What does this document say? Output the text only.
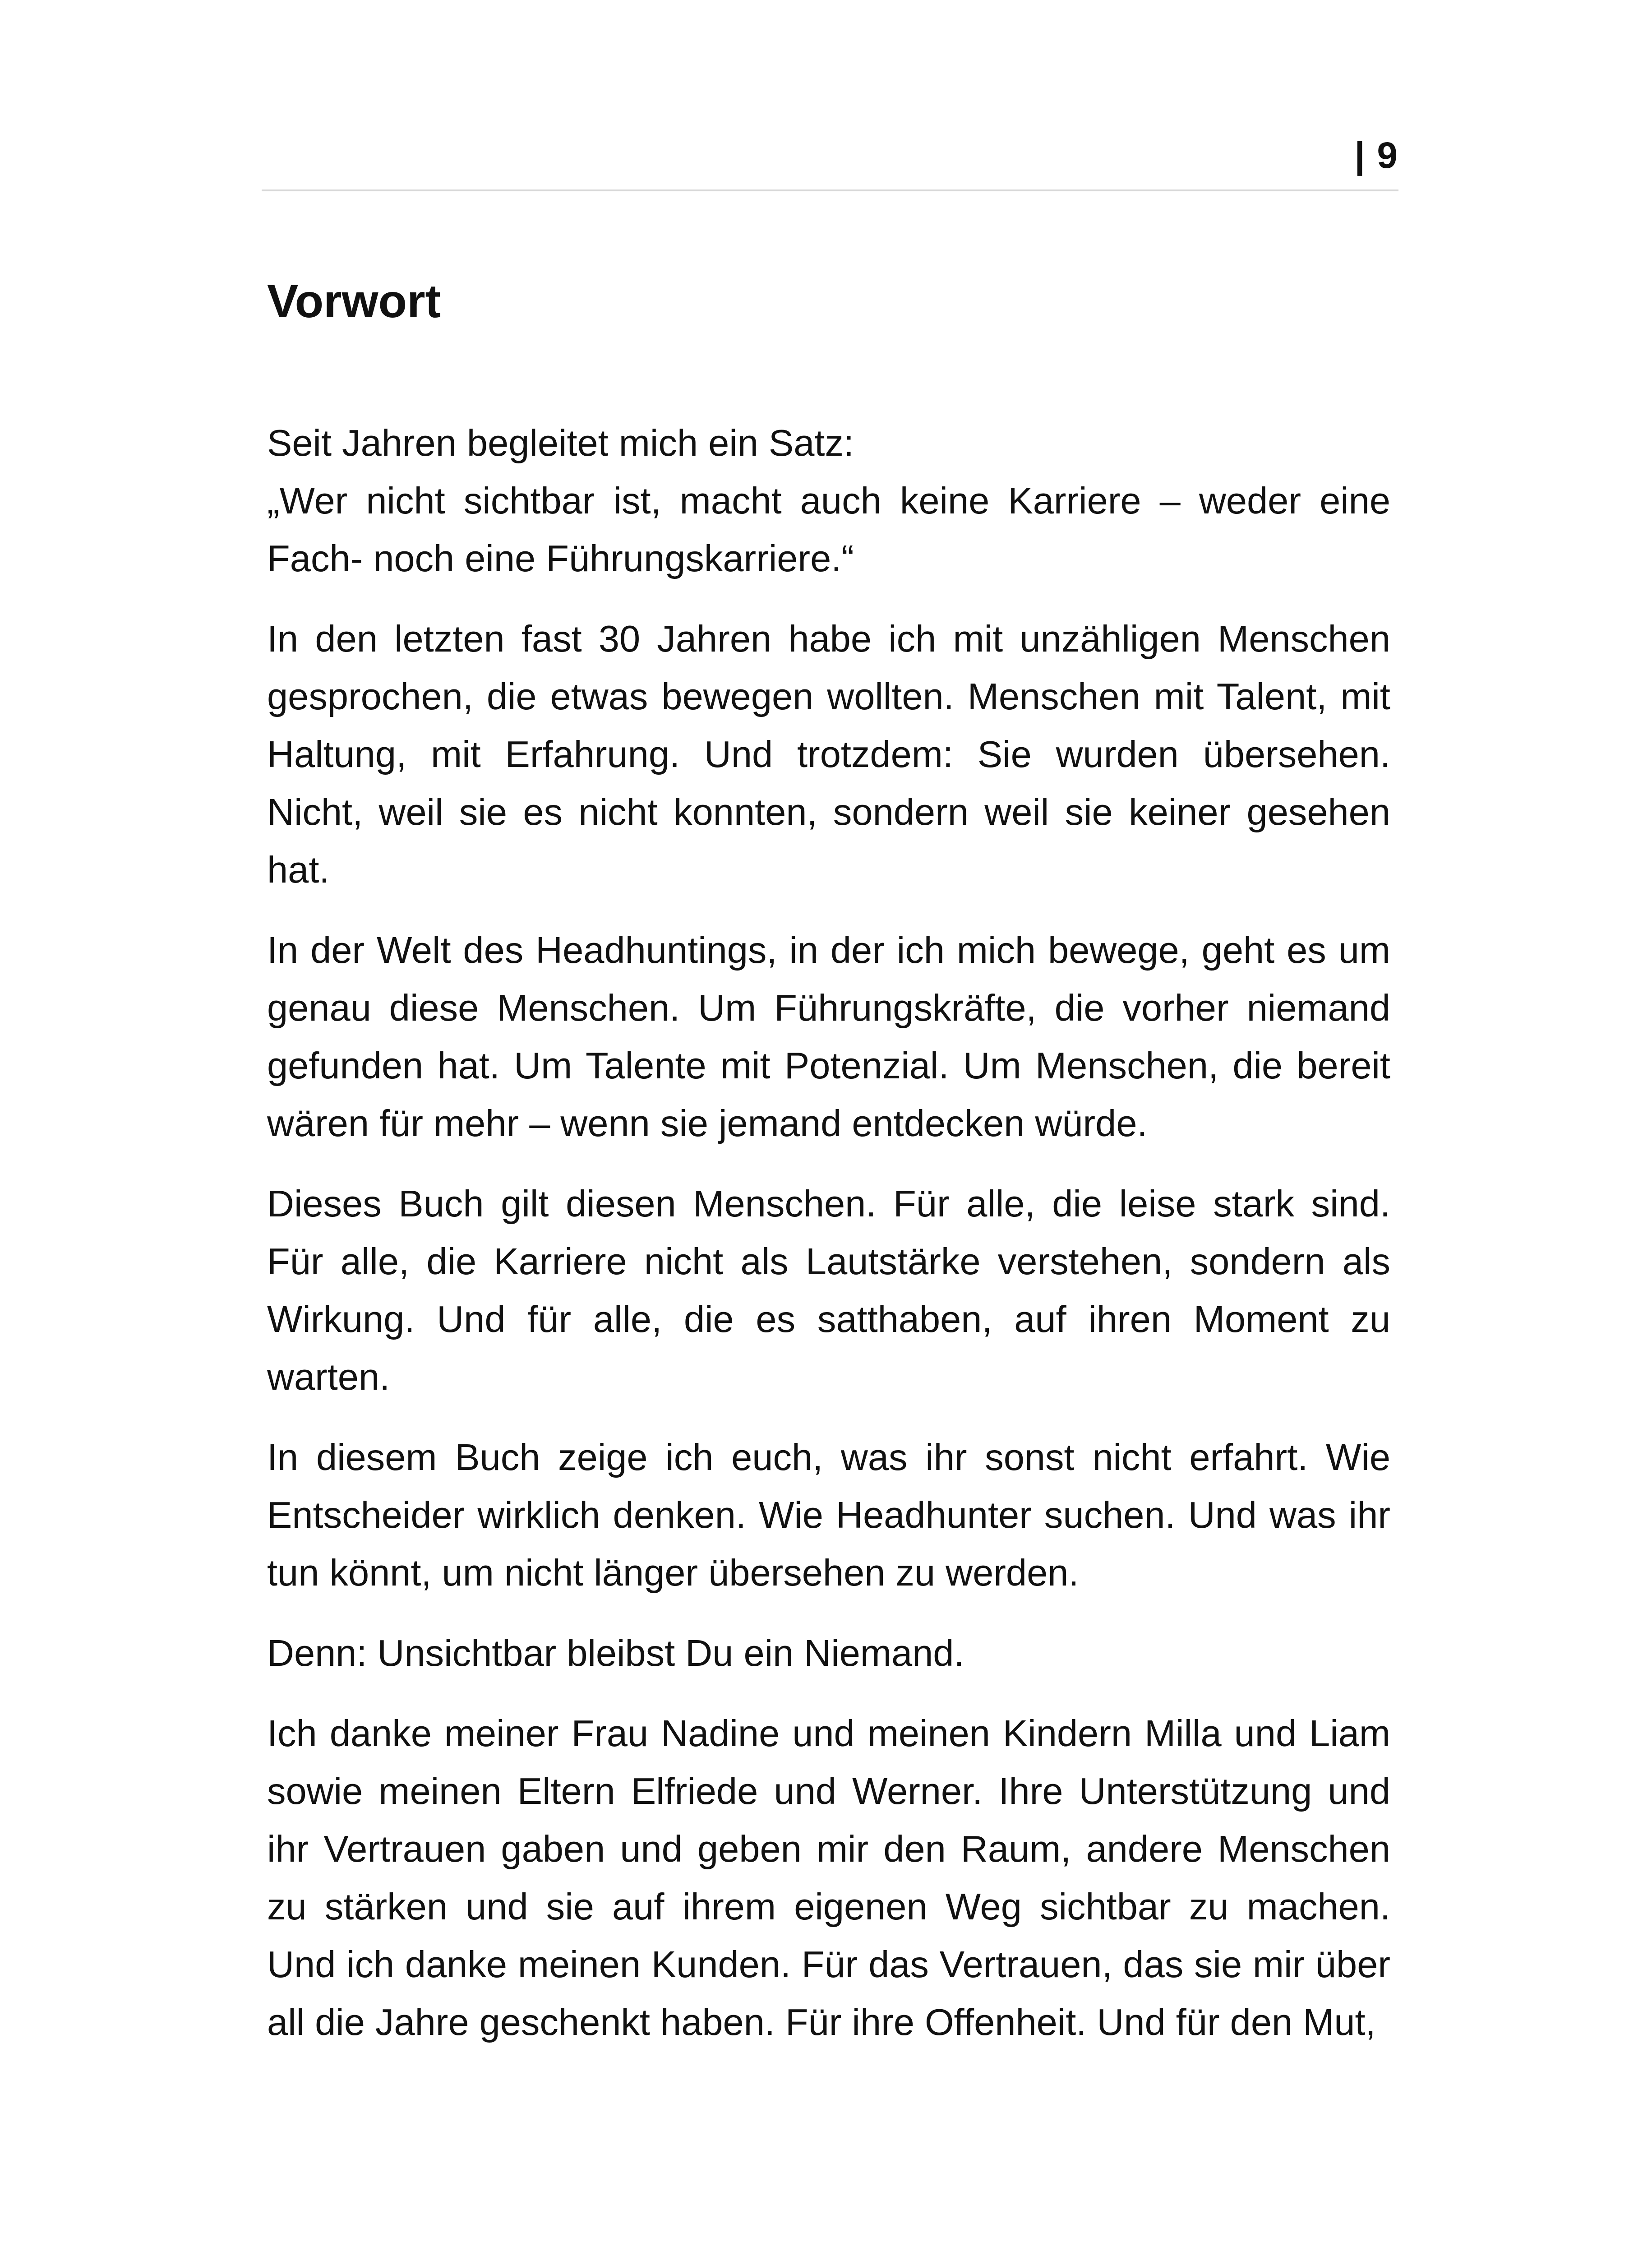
| 9
Vorwort

Seit Jahren begleitet mich ein Satz:
„Wer nicht sichtbar ist, macht auch keine Karriere – weder eine Fach- noch eine Führungskarriere.“

In den letzten fast 30 Jahren habe ich mit unzähligen Menschen gesprochen, die etwas bewegen wollten. Menschen mit Talent, mit Haltung, mit Erfahrung. Und trotzdem: Sie wurden übersehen. Nicht, weil sie es nicht konnten, sondern weil sie keiner gesehen hat.

In der Welt des Headhuntings, in der ich mich bewege, geht es um genau diese Menschen. Um Führungskräfte, die vorher niemand gefunden hat. Um Talente mit Potenzial. Um Menschen, die bereit wären für mehr – wenn sie jemand entdecken würde.

Dieses Buch gilt diesen Menschen. Für alle, die leise stark sind. Für alle, die Karriere nicht als Lautstärke verstehen, sondern als Wirkung. Und für alle, die es satthaben, auf ihren Moment zu warten.

In diesem Buch zeige ich euch, was ihr sonst nicht erfahrt. Wie Entscheider wirklich denken. Wie Headhunter suchen. Und was ihr tun könnt, um nicht länger übersehen zu werden.

Denn: Unsichtbar bleibst Du ein Niemand.

Ich danke meiner Frau Nadine und meinen Kindern Milla und Liam sowie meinen Eltern Elfriede und Werner. Ihre Unterstützung und ihr Vertrauen gaben und geben mir den Raum, andere Menschen zu stärken und sie auf ihrem eigenen Weg sichtbar zu machen. Und ich danke meinen Kunden. Für das Vertrauen, das sie mir über all die Jahre geschenkt haben. Für ihre Offenheit. Und für den Mut,
